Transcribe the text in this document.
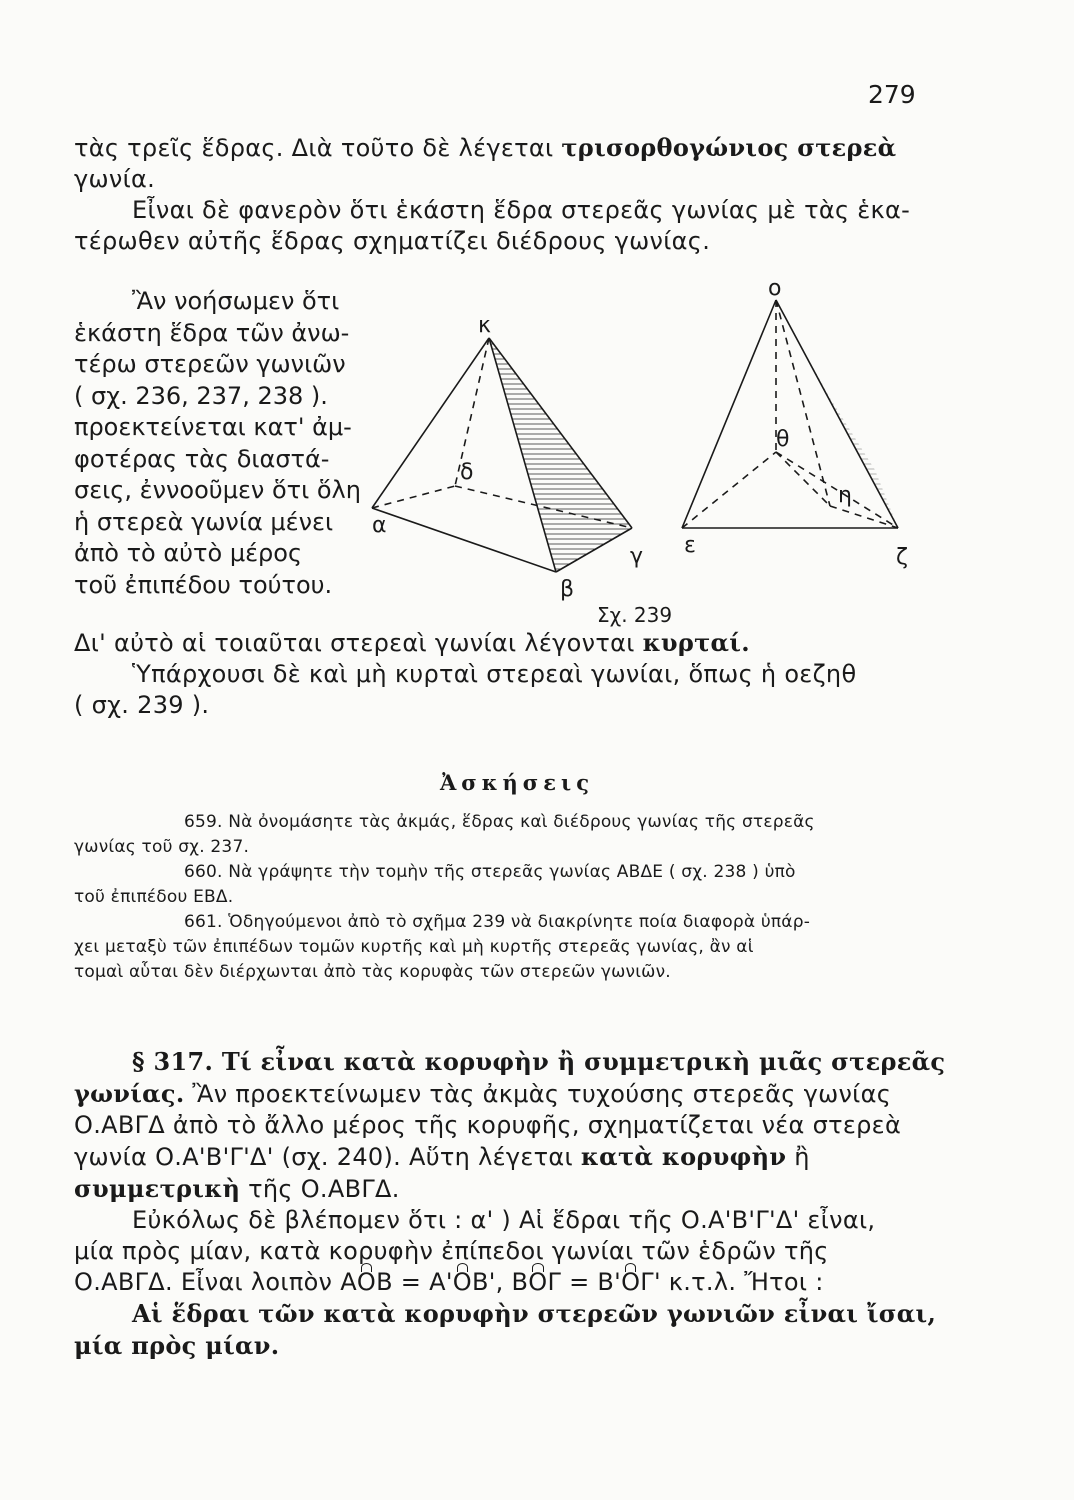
279
τὰς τρεῖς ἕδρας. Διὰ τοῦτο δὲ λέγεται τρισορθογώνιος στερεὰ
γωνία.
Εἶναι δὲ φανερὸν ὅτι ἑκάστη ἕδρα στερεᾶς γωνίας μὲ τὰς ἑκα-
τέρωθεν αὐτῆς ἕδρας σχηματίζει διέδρους γωνίας.
Ἂν νοήσωμεν ὅτι
ἑκάστη ἕδρα τῶν ἀνω-
τέρω στερεῶν γωνιῶν
( σχ. 236, 237, 238 ).
προεκτείνεται κατ' ἀμ-
φοτέρας τὰς διαστά-
σεις, ἐννοοῦμεν ὅτι ὅλη
ἡ στερεὰ γωνία μένει
ἀπὸ τὸ αὐτὸ μέρος
τοῦ ἐπιπέδου τούτου.
κ
α
β
γ
δ
ο
ε	ζ
η
θ
Σχ. 239
Δι' αὐτὸ αἱ τοιαῦται στερεαὶ γωνίαι λέγονται κυρταί.
Ὑπάρχουσι δὲ καὶ μὴ κυρταὶ στερεαὶ γωνίαι, ὅπως ἡ οεζηθ
( σχ. 239 ).
Ἀσκήσεις
659. Νὰ ὀνομάσητε τὰς ἀκμάς, ἕδρας καὶ διέδρους γωνίας τῆς στερεᾶς
γωνίας τοῦ σχ. 237.
660. Νὰ γράψητε τὴν τομὴν τῆς στερεᾶς γωνίας ΑΒΔΕ ( σχ. 238 ) ὑπὸ
τοῦ ἐπιπέδου ΕΒΔ.
661. Ὁδηγούμενοι ἀπὸ τὸ σχῆμα 239 νὰ διακρίνητε ποία διαφορὰ ὑπάρ-
χει μεταξὺ τῶν ἐπιπέδων τομῶν κυρτῆς καὶ μὴ κυρτῆς στερεᾶς γωνίας, ἂν αἱ
τομαὶ αὗται δὲν διέρχωνται ἀπὸ τὰς κορυφὰς τῶν στερεῶν γωνιῶν.
§ 317. Τί εἶναι κατὰ κορυφὴν ἢ συμμετρικὴ μιᾶς στερεᾶς
γωνίας. Ἂν προεκτείνωμεν τὰς ἀκμὰς τυχούσης στερεᾶς γωνίας
Ο.ΑΒΓΔ ἀπὸ τὸ ἄλλο μέρος τῆς κορυφῆς, σχηματίζεται νέα στερεὰ
γωνία Ο.Α'Β'Γ'Δ' (σχ. 240). Αὕτη λέγεται κατὰ κορυφὴν ἢ
συμμετρικὴ τῆς Ο.ΑΒΓΔ.
Εὐκόλως δὲ βλέπομεν ὅτι : α' ) Αἱ ἕδραι τῆς Ο.Α'Β'Γ'Δ' εἶναι,
μία πρὸς μίαν, κατὰ κορυφὴν ἐπίπεδοι γωνίαι τῶν ἑδρῶν τῆς
Ο.ΑΒΓΔ. Εἶναι λοιπὸν ΑΟΒ = Α'ΟΒ', ΒΟΓ = Β'ΟΓ' κ.τ.λ. Ἤτοι :
Αἱ ἕδραι τῶν κατὰ κορυφὴν στερεῶν γωνιῶν εἶναι ἴσαι,
μία πρὸς μίαν.
